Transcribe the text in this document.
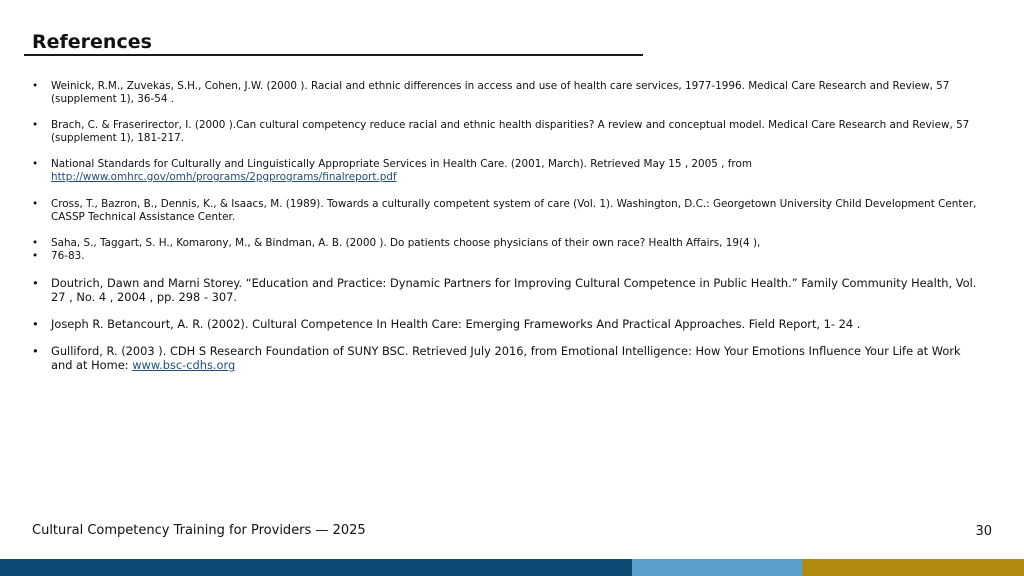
References
• Weinick, R.M., Zuvekas, S.H., Cohen, J.W. (2000 ). Racial and ethnic differences in access and use of health care services, 1977-1996. Medical Care Research and Review, 57 (supplement 1), 36-54 .
• Brach, C. & Fraserirector, I. (2000 ).Can cultural competency reduce racial and ethnic health disparities? A review and conceptual model. Medical Care Research and Review, 57 (supplement 1), 181-217.
• National Standards for Culturally and Linguistically Appropriate Services in Health Care. (2001, March). Retrieved May 15 , 2005 , from http://www.omhrc.gov/omh/programs/2pgprograms/finalreport.pdf
• Cross, T., Bazron, B., Dennis, K., & Isaacs, M. (1989). Towards a culturally competent system of care (Vol. 1). Washington, D.C.: Georgetown University Child Development Center, CASSP Technical Assistance Center.
• Saha, S., Taggart, S. H., Komarony, M., & Bindman, A. B. (2000 ). Do patients choose physicians of their own race? Health Affairs, 19(4 ),
• 76-83.
• Doutrich, Dawn and Marni Storey. “Education and Practice: Dynamic Partners for Improving Cultural Competence in Public Health.” Family Community Health, Vol. 27 , No. 4 , 2004 , pp. 298 - 307.
• Joseph R. Betancourt, A. R. (2002). Cultural Competence In Health Care: Emerging Frameworks And Practical Approaches. Field Report, 1- 24 .
• Gulliford, R. (2003 ). CDH S Research Foundation of SUNY BSC. Retrieved July 2016, from Emotional Intelligence: How Your Emotions Influence Your Life at Work and at Home: www.bsc-cdhs.org
Cultural Competency Training for Providers — 2025	30
